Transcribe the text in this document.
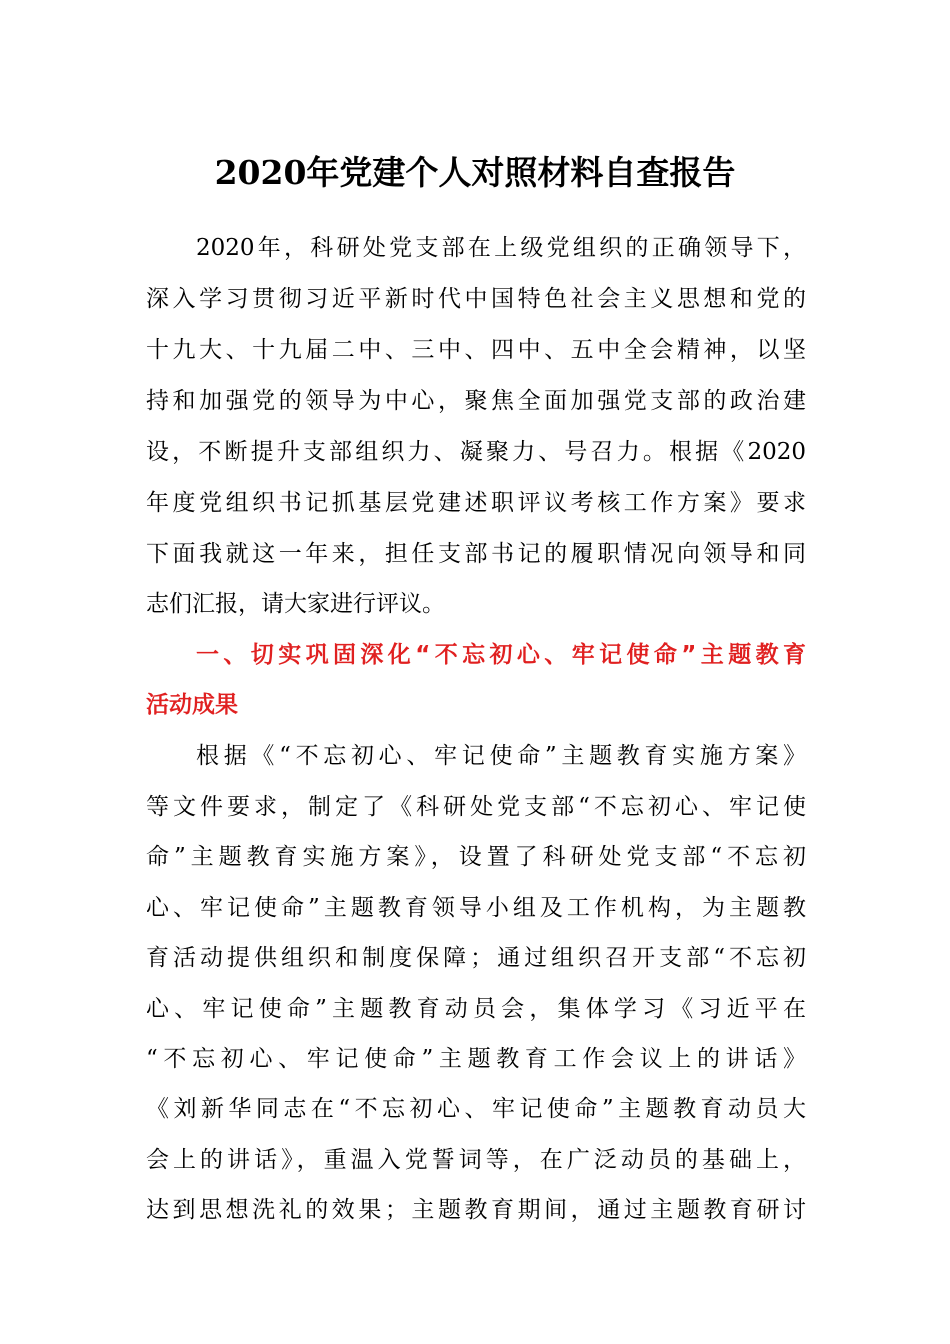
2020年党建个人对照材料自查报告

2020年，科研处党支部在上级党组织的正确领导下，

深入学习贯彻习近平新时代中国特色社会主义思想和党的

十九大、十九届二中、三中、四中、五中全会精神，以坚

持和加强党的领导为中心，聚焦全面加强党支部的政治建

设，不断提升支部组织力、凝聚力、号召力。根据《2020

年度党组织书记抓基层党建述职评议考核工作方案》要求

下面我就这一年来，担任支部书记的履职情况向领导和同

志们汇报，请大家进行评议。

一、切实巩固深化“不忘初心、牢记使命”主题教育

活动成果

根据《“不忘初心、牢记使命”主题教育实施方案》

等文件要求，制定了《科研处党支部“不忘初心、牢记使

命”主题教育实施方案》，设置了科研处党支部“不忘初

心、牢记使命”主题教育领导小组及工作机构，为主题教

育活动提供组织和制度保障；通过组织召开支部“不忘初

心、牢记使命”主题教育动员会，集体学习《习近平在

“不忘初心、牢记使命”主题教育工作会议上的讲话》

《刘新华同志在“不忘初心、牢记使命”主题教育动员大

会上的讲话》，重温入党誓词等，在广泛动员的基础上，

达到思想洗礼的效果；主题教育期间，通过主题教育研讨
